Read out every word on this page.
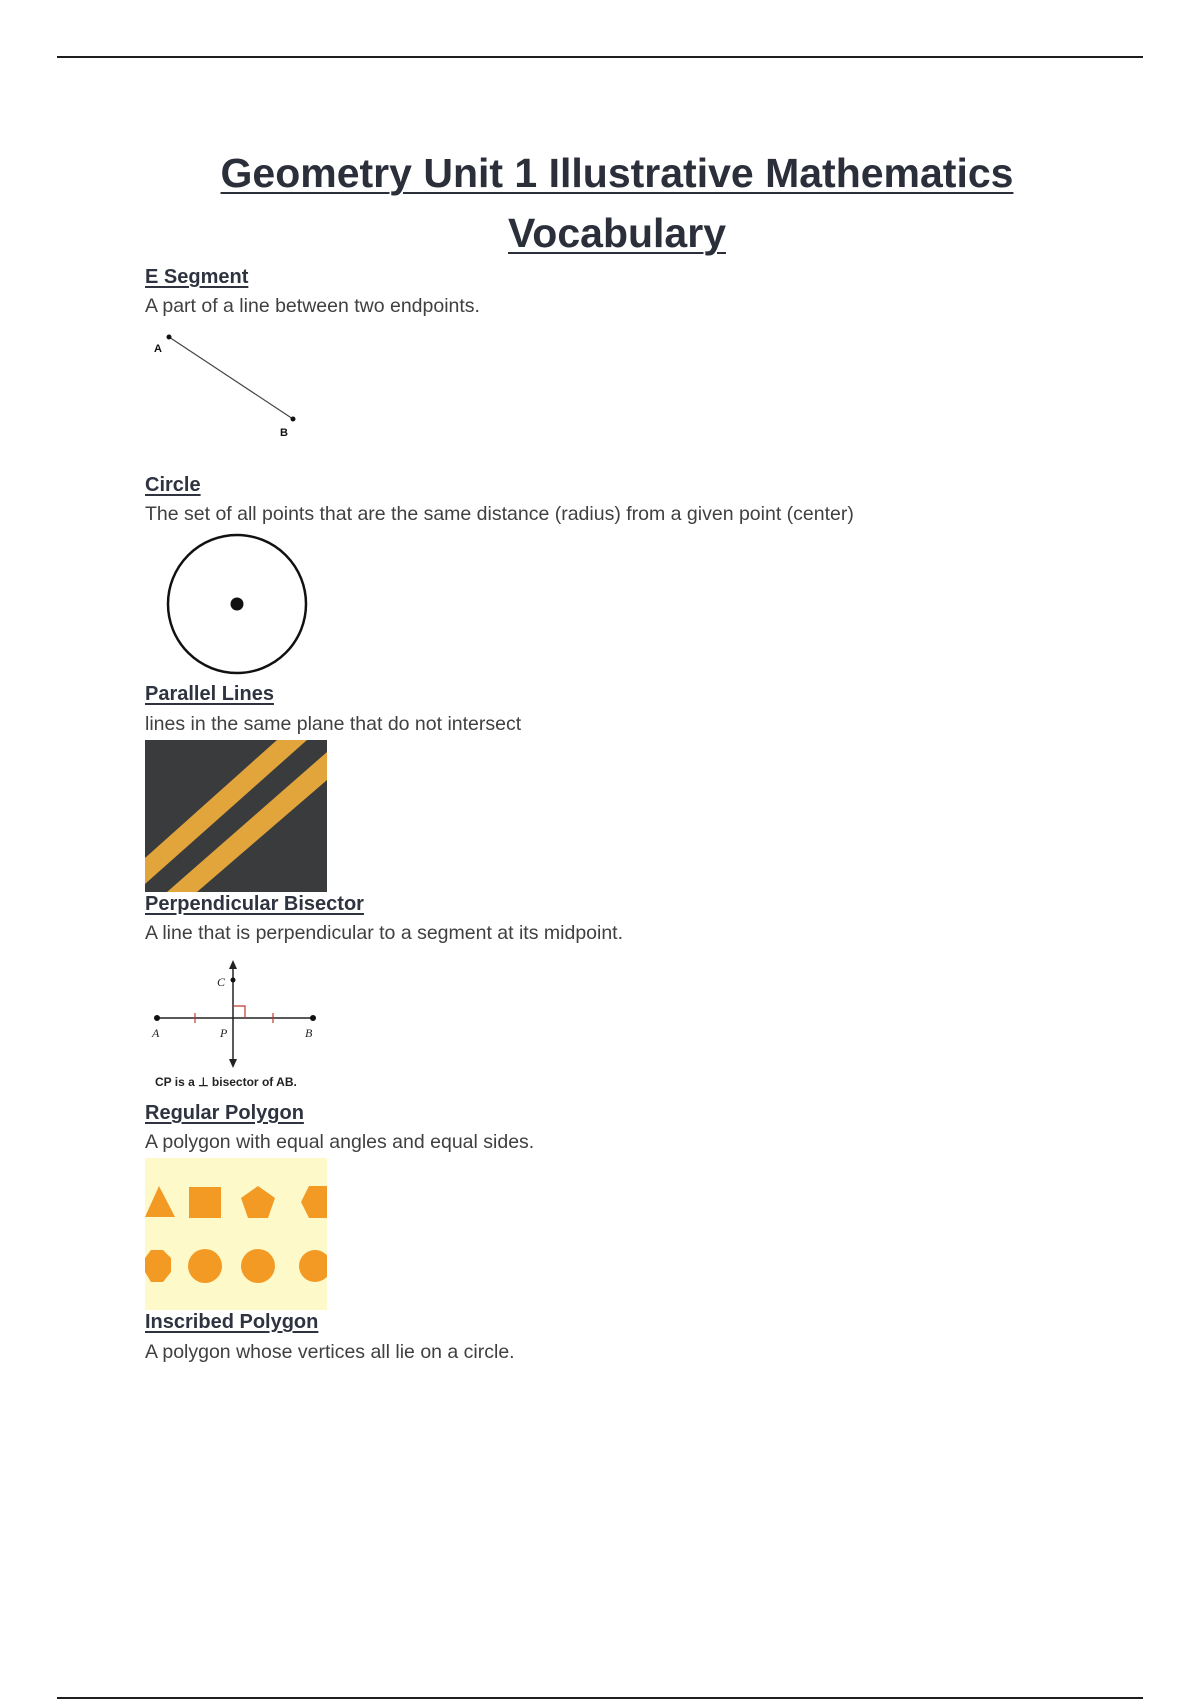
Geometry Unit 1 Illustrative Mathematics
Vocabulary
E Segment

A part of a line between two endpoints.

A
B
Circle

The set of all points that are the same distance (radius) from a given point (center)

Parallel Lines

lines in the same plane that do not intersect

Perpendicular Bisector

A line that is perpendicular to a segment at its midpoint.

C
A	P	B
CP is a ⊥ bisector of AB.
Regular Polygon

A polygon with equal angles and equal sides.

Inscribed Polygon

A polygon whose vertices all lie on a circle.
